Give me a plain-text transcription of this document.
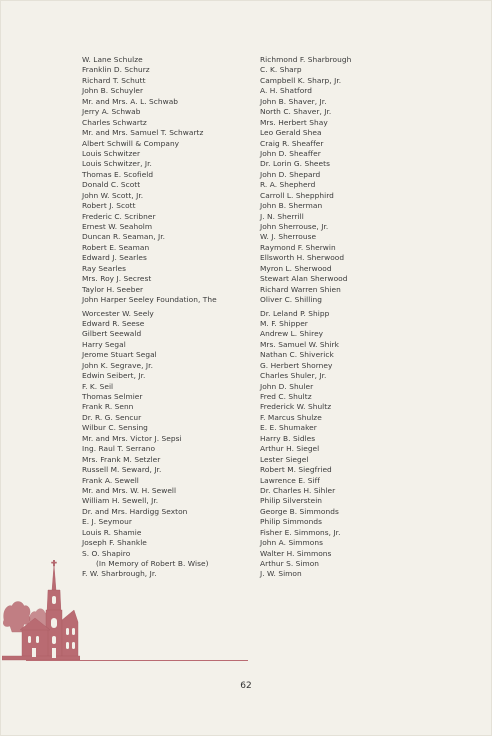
W. Lane Schulze
Franklin D. Schurz
Richard T. Schutt
John B. Schuyler
Mr. and Mrs. A. L. Schwab
Jerry A. Schwab
Charles Schwartz
Mr. and Mrs. Samuel T. Schwartz
Albert Schwill & Company
Louis Schwitzer
Louis Schwitzer, Jr.
Thomas E. Scofield
Donald C. Scott
John W. Scott, Jr.
Robert J. Scott
Frederic C. Scribner
Ernest W. Seaholm
Duncan R. Seaman, Jr.
Robert E. Seaman
Edward J. Searles
Ray Searles
Mrs. Roy J. Secrest
Taylor H. Seeber
John Harper Seeley Foundation, The
Worcester W. Seely
Edward R. Seese
Gilbert Seewald
Harry Segal
Jerome Stuart Segal
John K. Segrave, Jr.
Edwin Seibert, Jr.
F. K. Seil
Thomas Selmier
Frank R. Senn
Dr. R. G. Sencur
Wilbur C. Sensing
Mr. and Mrs. Victor J. Sepsi
Ing. Raul T. Serrano
Mrs. Frank M. Setzler
Russell M. Seward, Jr.
Frank A. Sewell
Mr. and Mrs. W. H. Sewell
William H. Sewell, Jr.
Dr. and Mrs. Hardigg Sexton
E. J. Seymour
Louis R. Shamie
Joseph F. Shankle
S. O. Shapiro
(In Memory of Robert B. Wise)
F. W. Sharbrough, Jr.
Richmond F. Sharbrough
C. K. Sharp
Campbell K. Sharp, Jr.
A. H. Shatford
John B. Shaver, Jr.
North C. Shaver, Jr.
Mrs. Herbert Shay
Leo Gerald Shea
Craig R. Sheaffer
John D. Sheaffer
Dr. Lorin G. Sheets
John D. Shepard
R. A. Shepherd
Carroll L. Shepphird
John B. Sherman
J. N. Sherrill
John Sherrouse, Jr.
W. J. Sherrouse
Raymond F. Sherwin
Ellsworth H. Sherwood
Myron L. Sherwood
Stewart Alan Sherwood
Richard Warren Shien
Oliver C. Shilling
Dr. Leland P. Shipp
M. F. Shipper
Andrew L. Shirey
Mrs. Samuel W. Shirk
Nathan C. Shiverick
G. Herbert Shorney
Charles Shuler, Jr.
John D. Shuler
Fred C. Shultz
Frederick W. Shultz
F. Marcus Shulze
E. E. Shumaker
Harry B. Sidles
Arthur H. Siegel
Lester Siegel
Robert M. Siegfried
Lawrence E. Siff
Dr. Charles H. Sihler
Philip Silverstein
George B. Simmonds
Philip Simmonds
Fisher E. Simmons, Jr.
John A. Simmons
Walter H. Simmons
Arthur S. Simon
J. W. Simon
62
